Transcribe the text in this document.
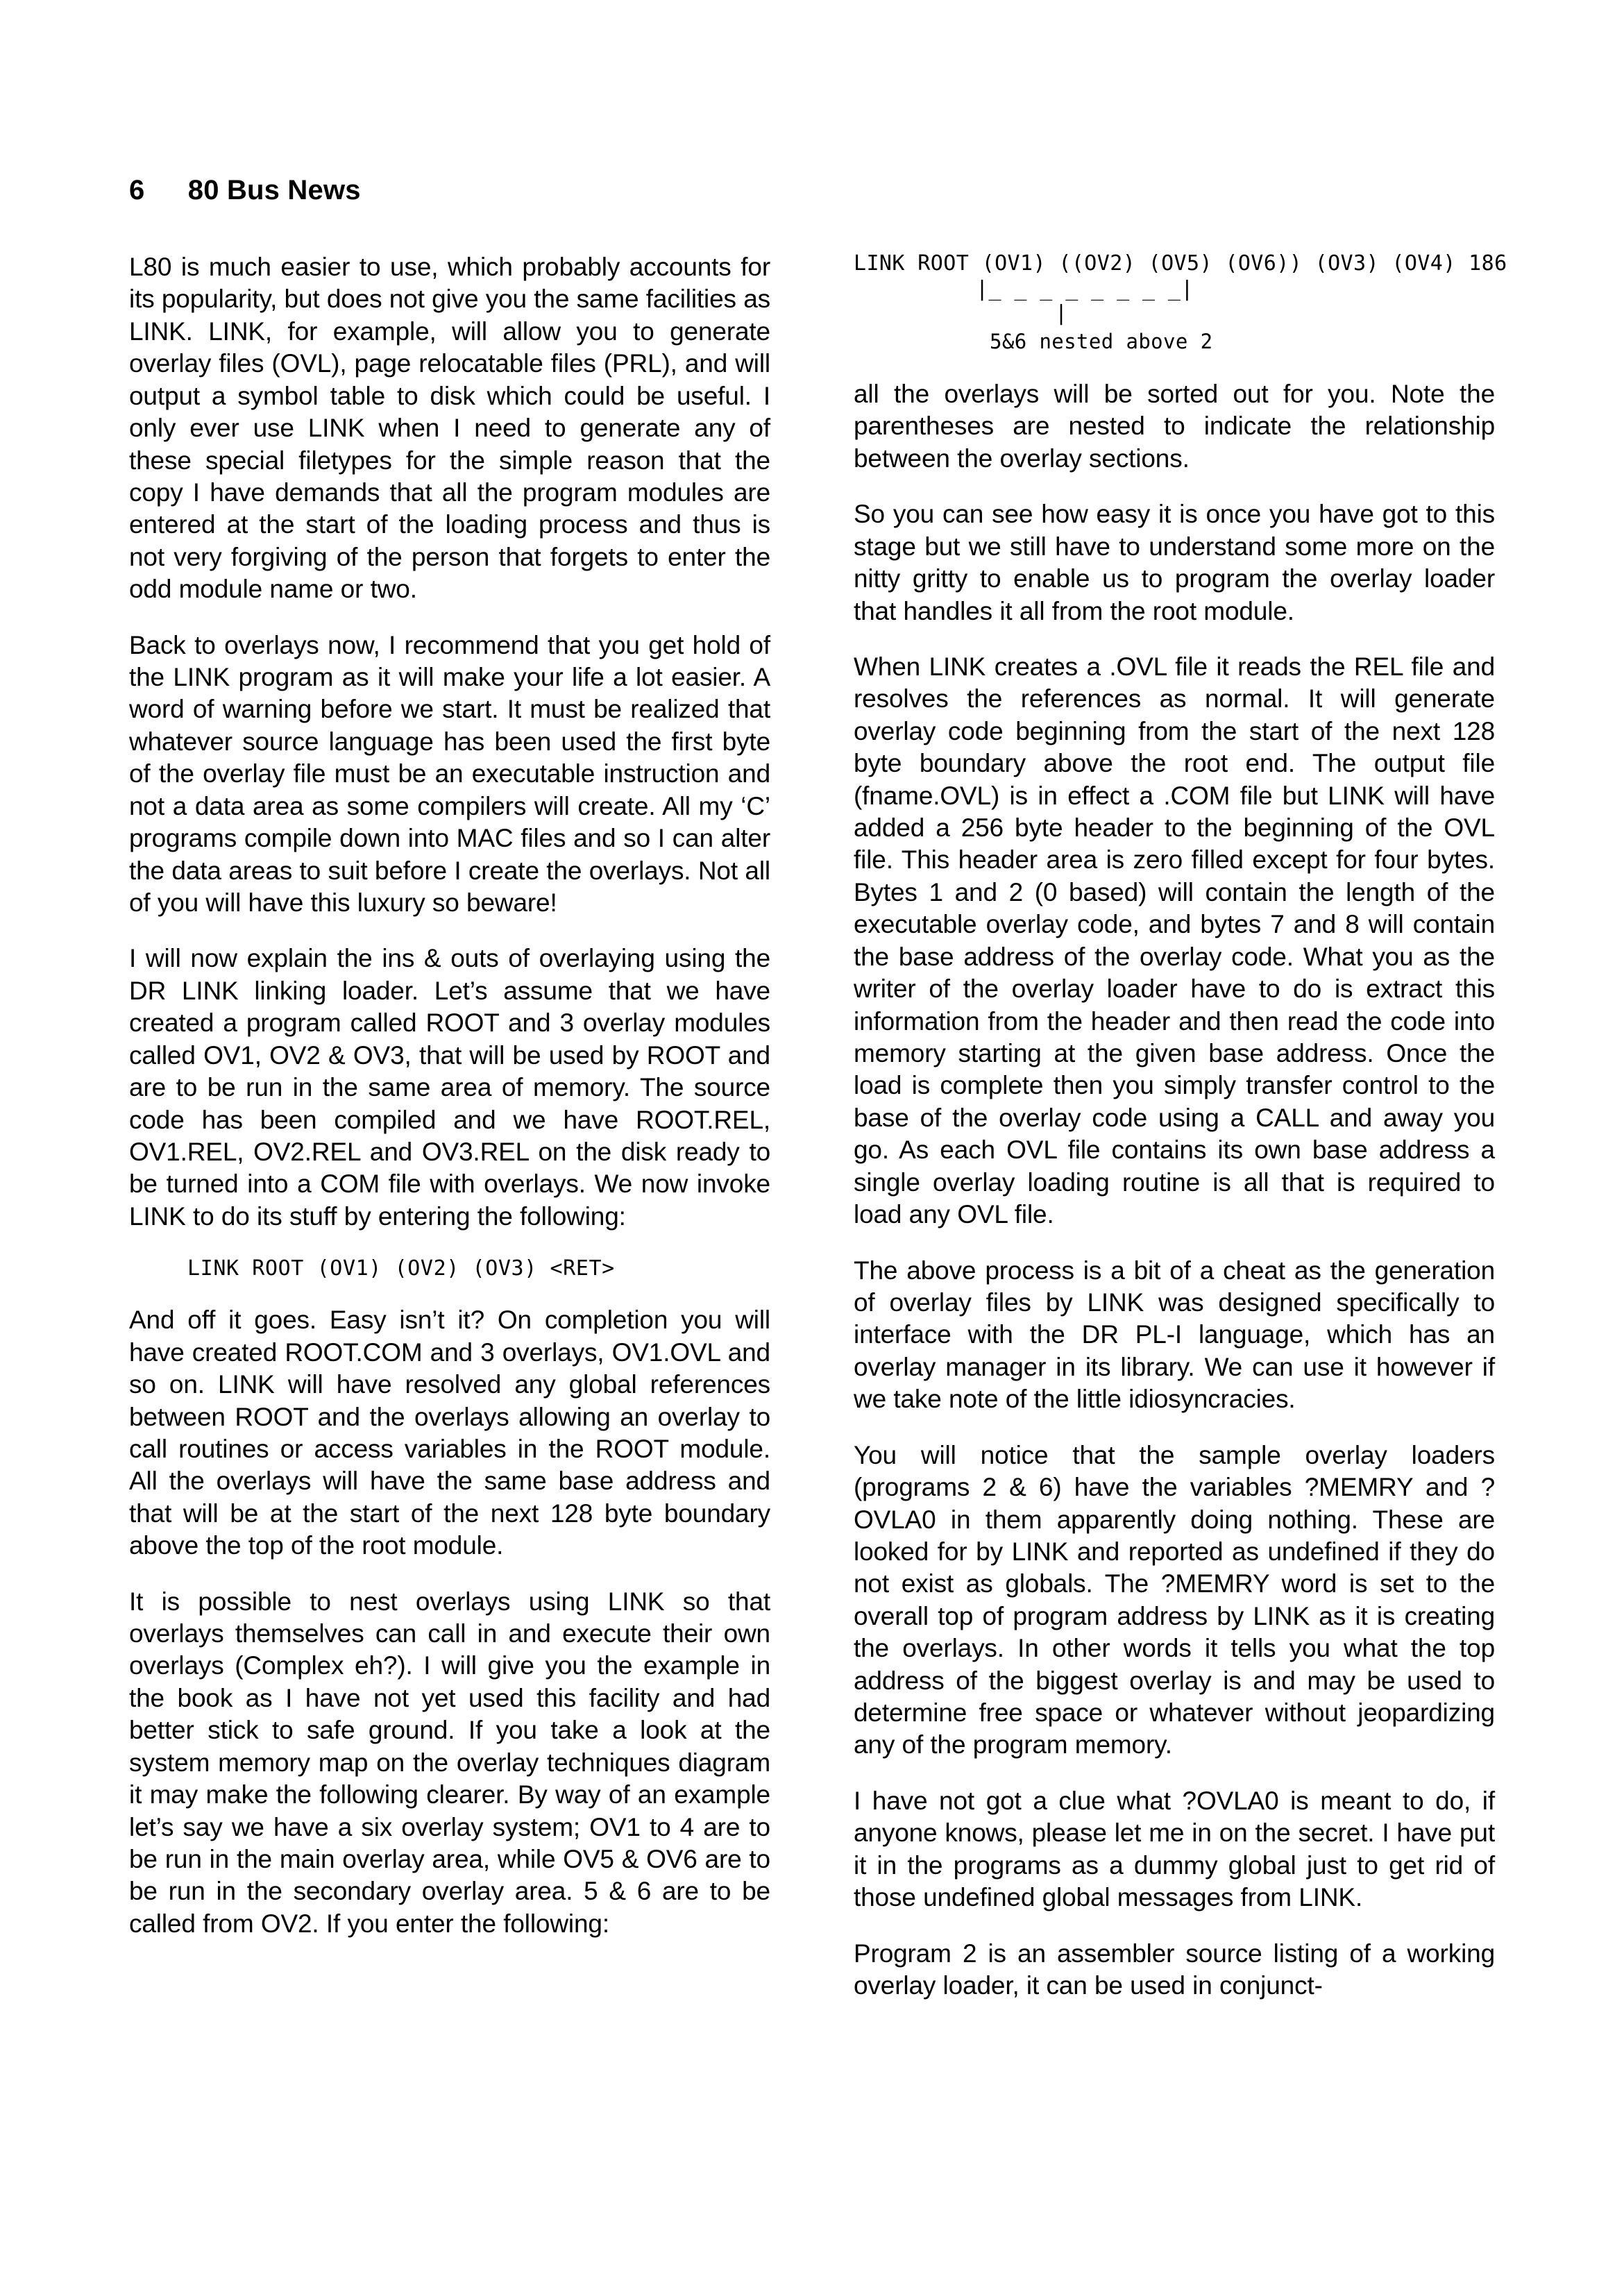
6 80 Bus News

L80 is much easier to use, which probably accounts for its popularity, but does not give you the same facilities as LINK. LINK, for example, will allow you to generate overlay files (OVL), page relocatable files (PRL), and will output a symbol table to disk which could be useful. I only ever use LINK when I need to generate any of these special filetypes for the simple reason that the copy I have demands that all the program modules are entered at the start of the loading process and thus is not very forgiving of the person that forgets to enter the odd module name or two.

Back to overlays now, I recommend that you get hold of the LINK program as it will make your life a lot easier. A word of warning before we start. It must be realized that whatever source language has been used the first byte of the overlay file must be an executable instruction and not a data area as some compilers will create. All my ‘C’ programs compile down into MAC files and so I can alter the data areas to suit before I create the overlays. Not all of you will have this luxury so beware!

I will now explain the ins & outs of overlaying using the DR LINK linking loader. Let’s assume that we have created a program called ROOT and 3 overlay modules called OV1, OV2 & OV3, that will be used by ROOT and are to be run in the same area of memory. The source code has been compiled and we have ROOT.REL, OV1.REL, OV2.REL and OV3.REL on the disk ready to be turned into a COM file with overlays. We now invoke LINK to do its stuff by entering the following:

LINK ROOT (OV1) (OV2) (OV3) <RET>

And off it goes. Easy isn’t it? On completion you will have created ROOT.COM and 3 overlays, OV1.OVL and so on. LINK will have resolved any global references between ROOT and the overlays allowing an overlay to call routines or access variables in the ROOT module. All the overlays will have the same base address and that will be at the start of the next 128 byte boundary above the top of the root module.

It is possible to nest overlays using LINK so that overlays themselves can call in and execute their own overlays (Complex eh?). I will give you the example in the book as I have not yet used this facility and had better stick to safe ground. If you take a look at the system memory map on the overlay techniques diagram it may make the following clearer. By way of an example let’s say we have a six overlay system; OV1 to 4 are to be run in the main overlay area, while OV5 & OV6 are to be run in the secondary overlay area. 5 & 6 are to be called from OV2. If you enter the following:

LINK ROOT (OV1) ((OV2) (OV5) (OV6)) (OV3) (OV4) 186

|_ _ _ _ _ _ _ _|

|

5&6 nested above 2

all the overlays will be sorted out for you. Note the parentheses are nested to indicate the relationship between the overlay sections.

So you can see how easy it is once you have got to this stage but we still have to understand some more on the nitty gritty to enable us to program the overlay loader that handles it all from the root module.

When LINK creates a .OVL file it reads the REL file and resolves the references as normal. It will generate overlay code beginning from the start of the next 128 byte boundary above the root end. The output file (fname.OVL) is in effect a .COM file but LINK will have added a 256 byte header to the beginning of the OVL file. This header area is zero filled except for four bytes. Bytes 1 and 2 (0 based) will contain the length of the executable overlay code, and bytes 7 and 8 will contain the base address of the overlay code. What you as the writer of the overlay loader have to do is extract this information from the header and then read the code into memory starting at the given base address. Once the load is complete then you simply transfer control to the base of the overlay code using a CALL and away you go. As each OVL file contains its own base address a single overlay loading routine is all that is required to load any OVL file.

The above process is a bit of a cheat as the generation of overlay files by LINK was designed specifically to interface with the DR PL-I language, which has an overlay manager in its library. We can use it however if we take note of the little idiosyncracies.

You will notice that the sample overlay loaders (programs 2 & 6) have the variables ?MEMRY and ?OVLA0 in them apparently doing nothing. These are looked for by LINK and reported as undefined if they do not exist as globals. The ?MEMRY word is set to the overall top of program address by LINK as it is creating the overlays. In other words it tells you what the top address of the biggest overlay is and may be used to determine free space or whatever without jeopardizing any of the program memory.

I have not got a clue what ?OVLA0 is meant to do, if anyone knows, please let me in on the secret. I have put it in the programs as a dummy global just to get rid of those undefined global messages from LINK.

Program 2 is an assembler source listing of a working overlay loader, it can be used in conjunct-
